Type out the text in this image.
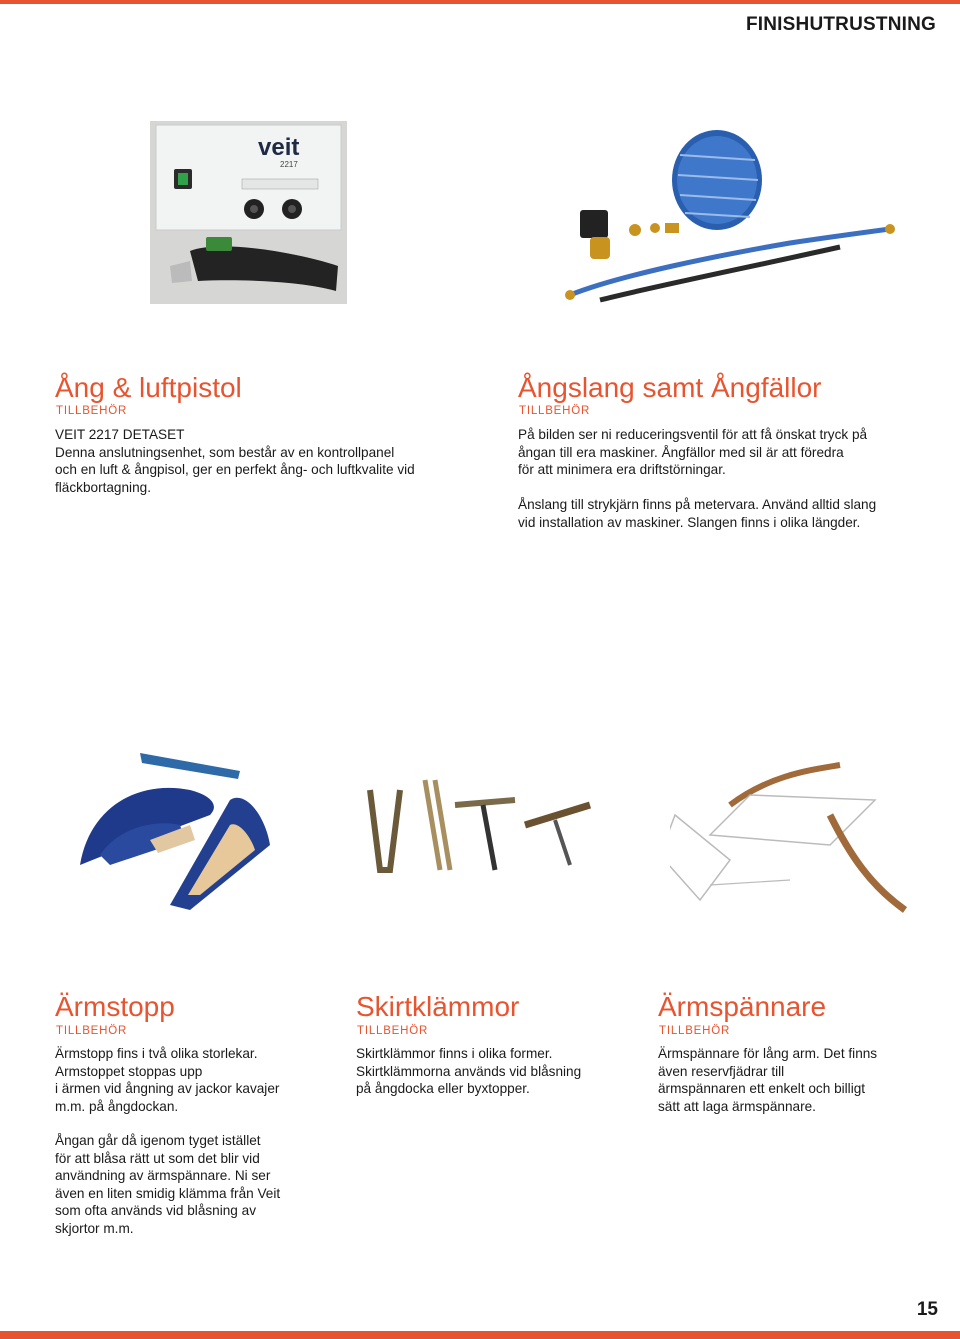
FINISHUTRUSTNING
veit
2217
Ång & luftpistol
TILLBEHÖR
VEIT 2217 DETASET
Denna anslutningsenhet, som består av en kontrollpanel
och en luft & ångpisol, ger en perfekt ång- och luftkvalite vid
fläckbortagning.
Ångslang samt Ångfällor
TILLBEHÖR
På bilden ser ni reduceringsventil för att få önskat tryck på
ångan till era maskiner. Ångfällor med sil är att föredra
för att minimera era driftstörningar.
Ånslang till strykjärn finns på metervara. Använd alltid slang
vid installation av maskiner. Slangen finns i olika längder.
Ärmstopp
TILLBEHÖR
Ärmstopp fins i två olika storlekar.
Armstoppet stoppas upp
i ärmen vid ångning av jackor kavajer
m.m. på ångdockan.
Ångan går då igenom tyget istället
för att blåsa rätt ut som det blir vid
användning av ärmspännare. Ni ser
även en liten smidig klämma från Veit
som ofta används vid blåsning av
skjortor m.m.
Skirtklämmor
TILLBEHÖR
Skirtklämmor finns i olika former.
Skirtklämmorna används vid blåsning
på ångdocka eller byxtopper.
Ärmspännare
TILLBEHÖR
Ärmspännare för lång arm. Det finns
även reservfjädrar till
ärmspännaren ett enkelt och billigt
sätt att laga ärmspännare.
15
